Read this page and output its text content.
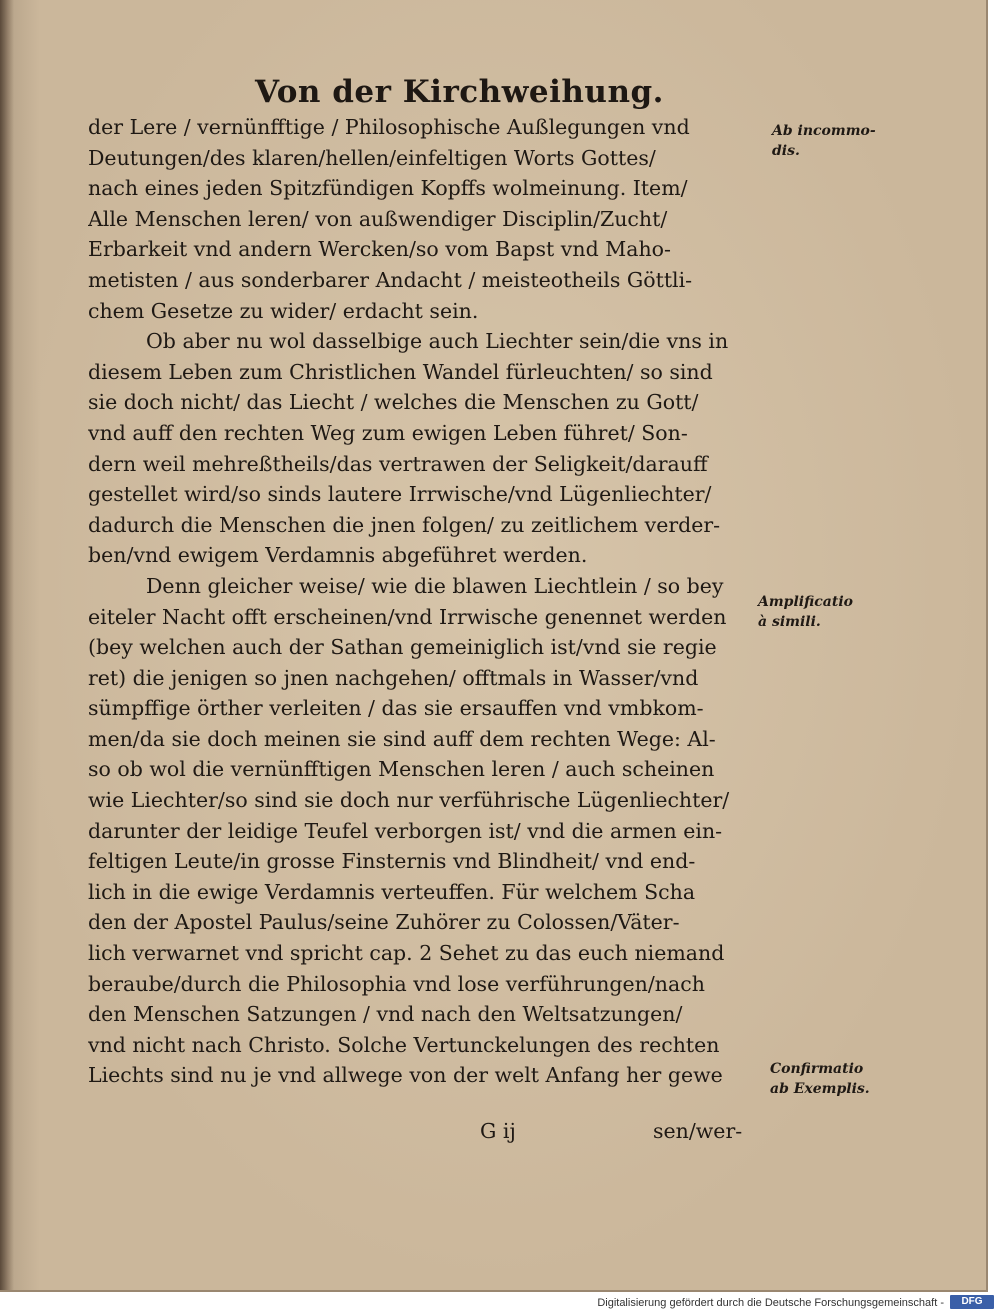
Von der Kirchweihung.
der Lere / vernünfftige / Philosophische Außlegungen vnd
Deutungen/des klaren/hellen/einfeltigen Worts Gottes/
nach eines jeden Spitzfündigen Kopffs wolmeinung. Item/
Alle Menschen leren/ von außwendiger Disciplin/Zucht/
Erbarkeit vnd andern Wercken/so vom Bapst vnd Maho-
metisten / aus sonderbarer Andacht / meisteotheils Göttli-
chem Gesetze zu wider/ erdacht sein.
Ob aber nu wol dasselbige auch Liechter sein/die vns in
diesem Leben zum Christlichen Wandel fürleuchten/ so sind
sie doch nicht/ das Liecht / welches die Menschen zu Gott/
vnd auff den rechten Weg zum ewigen Leben führet/ Son-
dern weil mehreßtheils/das vertrawen der Seligkeit/darauff
gestellet wird/so sinds lautere Irrwische/vnd Lügenliechter/
dadurch die Menschen die jnen folgen/ zu zeitlichem verder-
ben/vnd ewigem Verdamnis abgeführet werden.
Denn gleicher weise/ wie die blawen Liechtlein / so bey
eiteler Nacht offt erscheinen/vnd Irrwische genennet werden
(bey welchen auch der Sathan gemeiniglich ist/vnd sie regie
ret) die jenigen so jnen nachgehen/ offtmals in Wasser/vnd
sümpffige örther verleiten / das sie ersauffen vnd vmbkom-
men/da sie doch meinen sie sind auff dem rechten Wege: Al-
so ob wol die vernünfftigen Menschen leren / auch scheinen
wie Liechter/so sind sie doch nur verführische Lügenliechter/
darunter der leidige Teufel verborgen ist/ vnd die armen ein-
feltigen Leute/in grosse Finsternis vnd Blindheit/ vnd end-
lich in die ewige Verdamnis verteuffen. Für welchem Scha
den der Apostel Paulus/seine Zuhörer zu Colossen/Väter-
lich verwarnet vnd spricht cap. 2 Sehet zu das euch niemand
beraube/durch die Philosophia vnd lose verführungen/nach
den Menschen Satzungen / vnd nach den Weltsatzungen/
vnd nicht nach Christo. Solche Vertunckelungen des rechten
Liechts sind nu je vnd allwege von der welt Anfang her gewe
Ab incommo-
dis.
Amplificatio
à simili.
Confirmatio
ab Exemplis.
G ij	sen/wer-
Digitalisierung gefördert durch die Deutsche Forschungsgemeinschaft -	DFG
